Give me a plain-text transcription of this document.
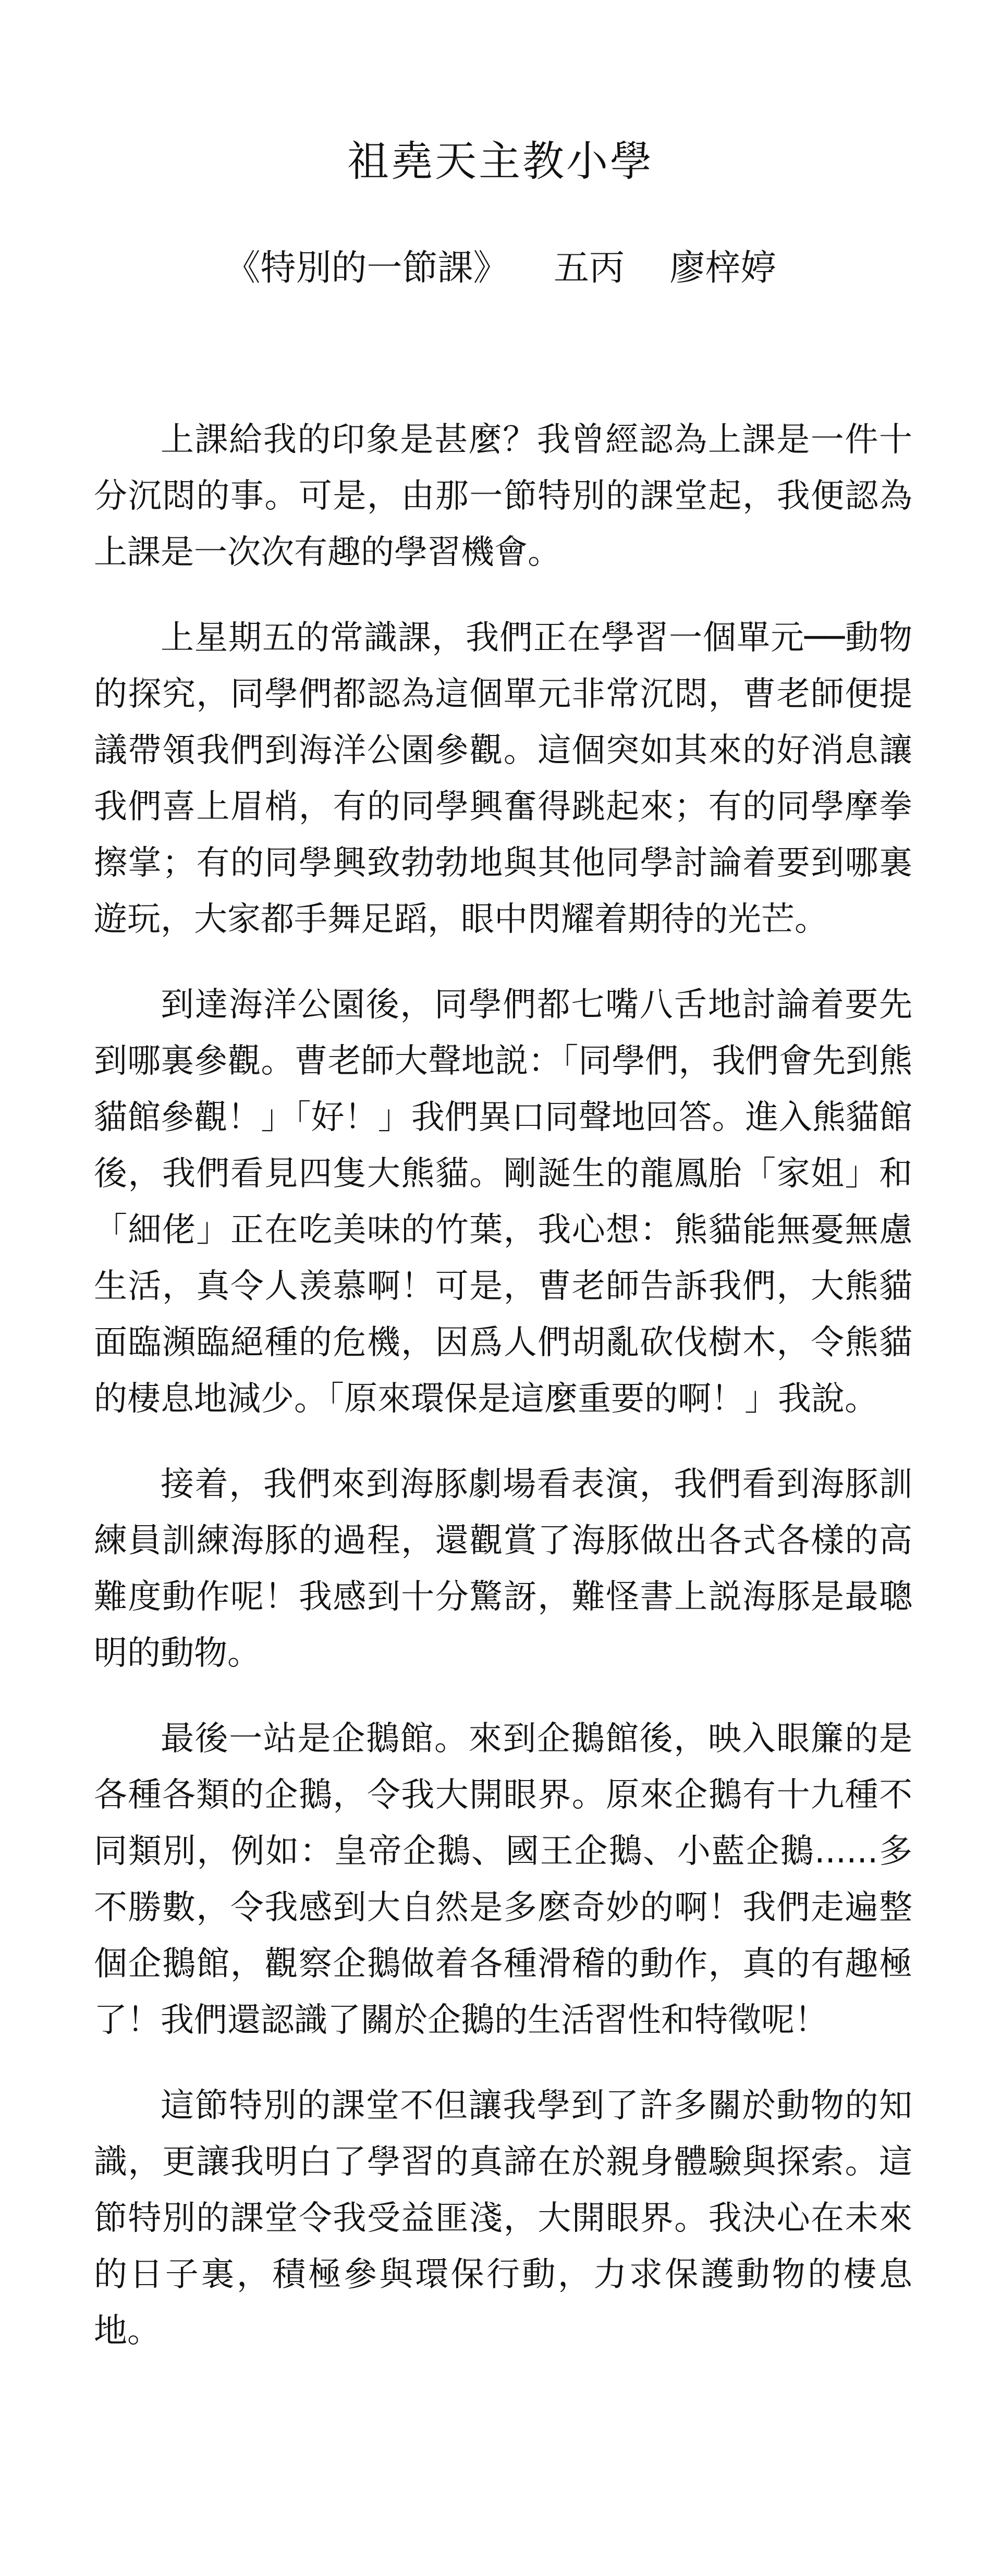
祖堯天主教小學
《特別的一節課》    五丙    廖梓婷

上課給我的印象是甚麼？我曾經認為上課是一件十分沉悶的事。可是，由那一節特別的課堂起，我便認為上課是一次次有趣的學習機會。

上星期五的常識課，我們正在學習一個單元──動物的探究，同學們都認為這個單元非常沉悶，曹老師便提議帶領我們到海洋公園參觀。這個突如其來的好消息讓我們喜上眉梢，有的同學興奮得跳起來；有的同學摩拳擦掌；有的同學興致勃勃地與其他同學討論着要到哪裏遊玩，大家都手舞足蹈，眼中閃耀着期待的光芒。

到達海洋公園後，同學們都七嘴八舌地討論着要先到哪裏參觀。曹老師大聲地説：「同學們，我們會先到熊貓館參觀！」「好！」我們異口同聲地回答。進入熊貓館後，我們看見四隻大熊貓。剛誕生的龍鳳胎「家姐」和「細佬」正在吃美味的竹葉，我心想：熊貓能無憂無慮生活，真令人羡慕啊！可是，曹老師告訴我們，大熊貓面臨瀕臨絕種的危機，因爲人們胡亂砍伐樹木，令熊貓的棲息地減少。「原來環保是這麼重要的啊！」我說。

接着，我們來到海豚劇場看表演，我們看到海豚訓練員訓練海豚的過程，還觀賞了海豚做出各式各樣的高難度動作呢！我感到十分驚訝，難怪書上説海豚是最聰明的動物。

最後一站是企鵝館。來到企鵝館後，映入眼簾的是各種各類的企鵝，令我大開眼界。原來企鵝有十九種不同類別，例如：皇帝企鵝、國王企鵝、小藍企鵝......多不勝數，令我感到大自然是多麽奇妙的啊！我們走遍整個企鵝館，觀察企鵝做着各種滑稽的動作，真的有趣極了！我們還認識了關於企鵝的生活習性和特徵呢！

這節特別的課堂不但讓我學到了許多關於動物的知識，更讓我明白了學習的真諦在於親身體驗與探索。這節特別的課堂令我受益匪淺，大開眼界。我決心在未來的日子裏，積極參與環保行動，力求保護動物的棲息地。
